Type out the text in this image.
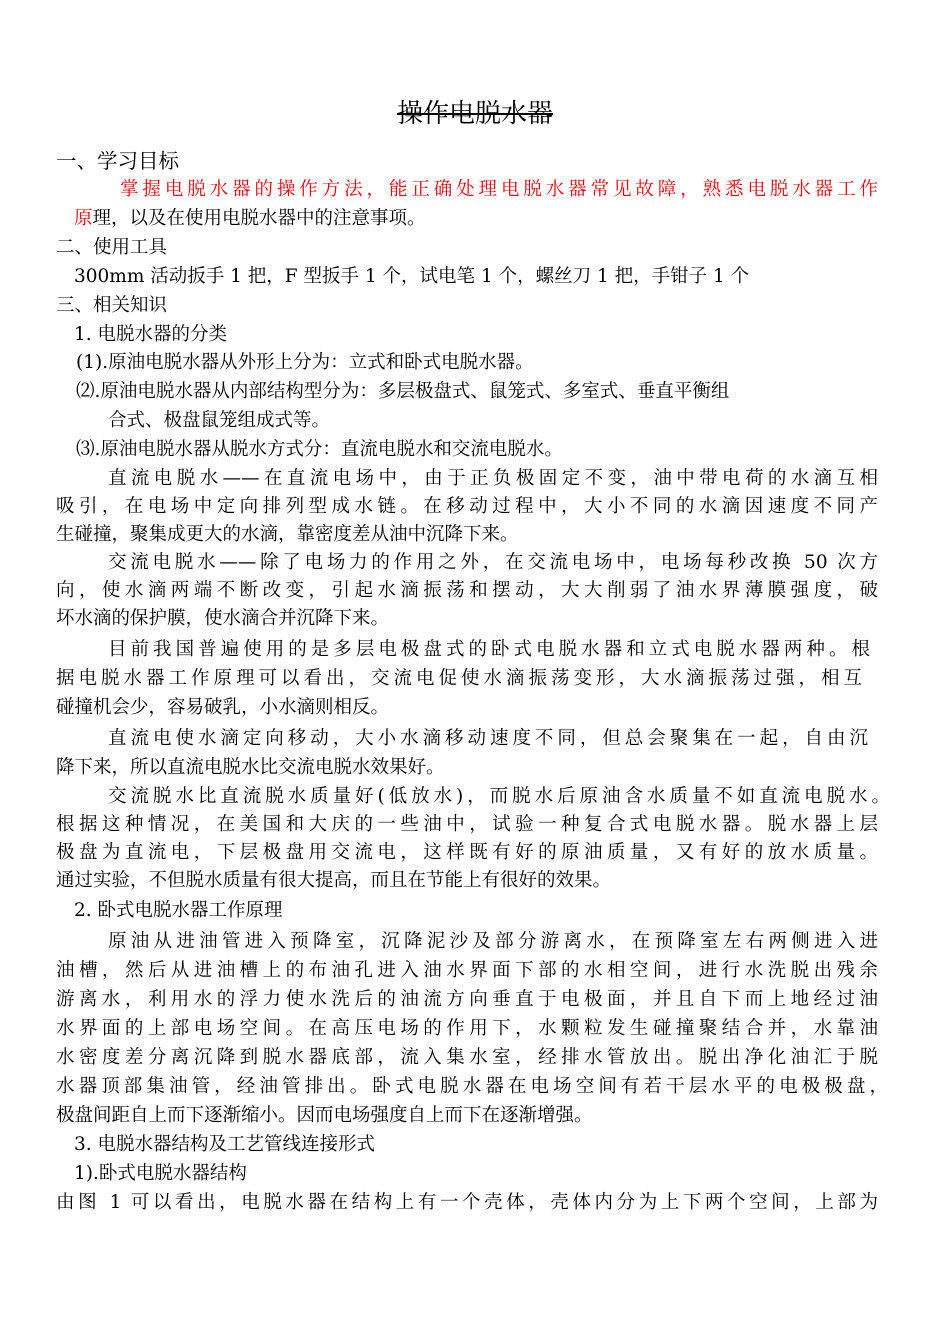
操作电脱水器
一、学习目标
掌握电脱水器的操作方法，能正确处理电脱水器常见故障，熟悉电脱水器工作
原理，以及在使用电脱水器中的注意事项。
二、使用工具
300mm 活动扳手 1 把，F 型扳手 1 个，试电笔 1 个，螺丝刀 1 把，手钳子 1 个
三、相关知识
1. 电脱水器的分类
(1).原油电脱水器从外形上分为：立式和卧式电脱水器。
⑵.原油电脱水器从内部结构型分为：多层极盘式、鼠笼式、多室式、垂直平衡组
合式、极盘鼠笼组成式等。
⑶.原油电脱水器从脱水方式分：直流电脱水和交流电脱水。
直流电脱水——在直流电场中，由于正负极固定不变，油中带电荷的水滴互相
吸引，在电场中定向排列型成水链。在移动过程中，大小不同的水滴因速度不同产
生碰撞，聚集成更大的水滴，靠密度差从油中沉降下来。
交流电脱水——除了电场力的作用之外，在交流电场中，电场每秒改换 50 次方
向，使水滴两端不断改变，引起水滴振荡和摆动，大大削弱了油水界薄膜强度，破
坏水滴的保护膜，使水滴合并沉降下来。
目前我国普遍使用的是多层电极盘式的卧式电脱水器和立式电脱水器两种。根
据电脱水器工作原理可以看出，交流电促使水滴振荡变形，大水滴振荡过强，相互
碰撞机会少，容易破乳，小水滴则相反。
直流电使水滴定向移动，大小水滴移动速度不同，但总会聚集在一起，自由沉
降下来，所以直流电脱水比交流电脱水效果好。
交流脱水比直流脱水质量好(低放水)，而脱水后原油含水质量不如直流电脱水。
根据这种情况，在美国和大庆的一些油中，试验一种复合式电脱水器。脱水器上层
极盘为直流电，下层极盘用交流电，这样既有好的原油质量，又有好的放水质量。
通过实验，不但脱水质量有很大提高，而且在节能上有很好的效果。
2. 卧式电脱水器工作原理
原油从进油管进入预降室，沉降泥沙及部分游离水，在预降室左右两侧进入进
油槽，然后从进油槽上的布油孔进入油水界面下部的水相空间，进行水洗脱出残余
游离水，利用水的浮力使水洗后的油流方向垂直于电极面，并且自下而上地经过油
水界面的上部电场空间。在高压电场的作用下，水颗粒发生碰撞聚结合并，水靠油
水密度差分离沉降到脱水器底部，流入集水室，经排水管放出。脱出净化油汇于脱
水器顶部集油管，经油管排出。卧式电脱水器在电场空间有若干层水平的电极极盘，
极盘间距自上而下逐渐缩小。因而电场强度自上而下在逐渐增强。
3. 电脱水器结构及工艺管线连接形式
1).卧式电脱水器结构
由图 1 可以看出，电脱水器在结构上有一个壳体，壳体内分为上下两个空间，上部为
